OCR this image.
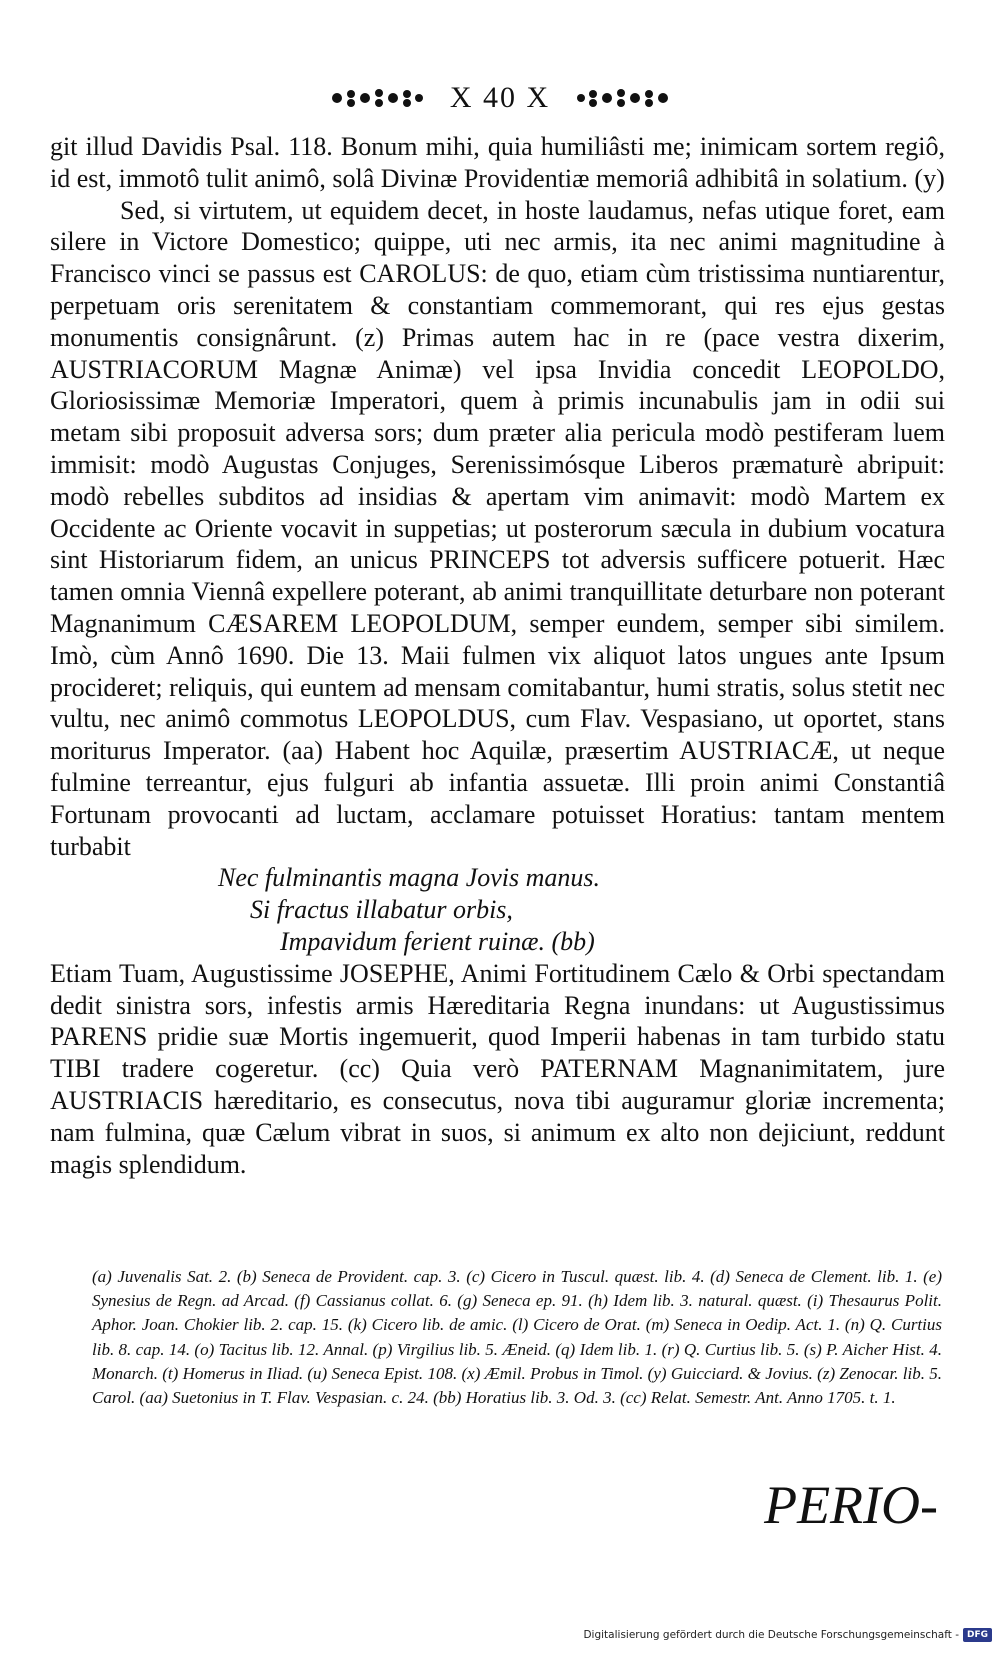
X 40 X

git illud Davidis Psal. 118. Bonum mihi, quia humiliâsti me; inimicam sortem regiô, id est, immotô tulit animô, solâ Divinæ Providentiæ memoriâ adhibitâ in solatium. (y)

Sed, si virtutem, ut equidem decet, in hoste laudamus, nefas utique foret, eam silere in Victore Domestico; quippe, uti nec armis, ita nec animi magnitudine à Francisco vinci se passus est CAROLUS: de quo, etiam cùm tristissima nuntiarentur, perpetuam oris serenitatem & constantiam commemorant, qui res ejus gestas monumentis consignârunt. (z) Primas autem hac in re (pace vestra dixerim, AUSTRIACORUM Magnæ Animæ) vel ipsa Invidia concedit LEOPOLDO, Gloriosissimæ Memoriæ Imperatori, quem à primis incunabulis jam in odii sui metam sibi proposuit adversa sors; dum præter alia pericula modò pestiferam luem immisit: modò Augustas Conjuges, Serenissimósque Liberos præmaturè abripuit: modò rebelles subditos ad insidias & apertam vim animavit: modò Martem ex Occidente ac Oriente vocavit in suppetias; ut posterorum sæcula in dubium vocatura sint Historiarum fidem, an unicus PRINCEPS tot adversis sufficere potuerit. Hæc tamen omnia Viennâ expellere poterant, ab animi tranquillitate deturbare non poterant Magnanimum CÆSAREM LEOPOLDUM, semper eundem, semper sibi similem. Imò, cùm Annô 1690. Die 13. Maii fulmen vix aliquot latos ungues ante Ipsum procideret; reliquis, qui euntem ad mensam comitabantur, humi stratis, solus stetit nec vultu, nec animô commotus LEOPOLDUS, cum Flav. Vespasiano, ut oportet, stans moriturus Imperator. (aa) Habent hoc Aquilæ, præsertim AUSTRIACÆ, ut neque fulmine terreantur, ejus fulguri ab infantia assuetæ. Illi proin animi Constantiâ Fortunam provocanti ad luctam, acclamare potuisset Horatius: tantam mentem turbabit

Nec fulminantis magna Jovis manus.

Si fractus illabatur orbis,

Impavidum ferient ruinæ. (bb)

Etiam Tuam, Augustissime JOSEPHE, Animi Fortitudinem Cælo & Orbi spectandam dedit sinistra sors, infestis armis Hæreditaria Regna inundans: ut Augustissimus PARENS pridie suæ Mortis ingemuerit, quod Imperii habenas in tam turbido statu TIBI tradere cogeretur. (cc) Quia verò PATERNAM Magnanimitatem, jure AUSTRIACIS hæreditario, es consecutus, nova tibi auguramur gloriæ incrementa; nam fulmina, quæ Cælum vibrat in suos, si animum ex alto non dejiciunt, reddunt magis splendidum.

(a) Juvenalis Sat. 2. (b) Seneca de Provident. cap. 3. (c) Cicero in Tuscul. quæst. lib. 4. (d) Seneca de Clement. lib. 1. (e) Synesius de Regn. ad Arcad. (f) Cassianus collat. 6. (g) Seneca ep. 91. (h) Idem lib. 3. natural. quæst. (i) Thesaurus Polit. Aphor. Joan. Chokier lib. 2. cap. 15. (k) Cicero lib. de amic. (l) Cicero de Orat. (m) Seneca in Oedip. Act. 1. (n) Q. Curtius lib. 8. cap. 14. (o) Tacitus lib. 12. Annal. (p) Virgilius lib. 5. Æneid. (q) Idem lib. 1. (r) Q. Curtius lib. 5. (s) P. Aicher Hist. 4. Monarch. (t) Homerus in Iliad. (u) Seneca Epist. 108. (x) Æmil. Probus in Timol. (y) Guicciard. & Jovius. (z) Zenocar. lib. 5. Carol. (aa) Suetonius in T. Flav. Vespasian. c. 24. (bb) Horatius lib. 3. Od. 3. (cc) Relat. Semestr. Ant. Anno 1705. t. 1.
PERIO-
Digitalisierung gefördert durch die Deutsche Forschungsgemeinschaft - DFG
